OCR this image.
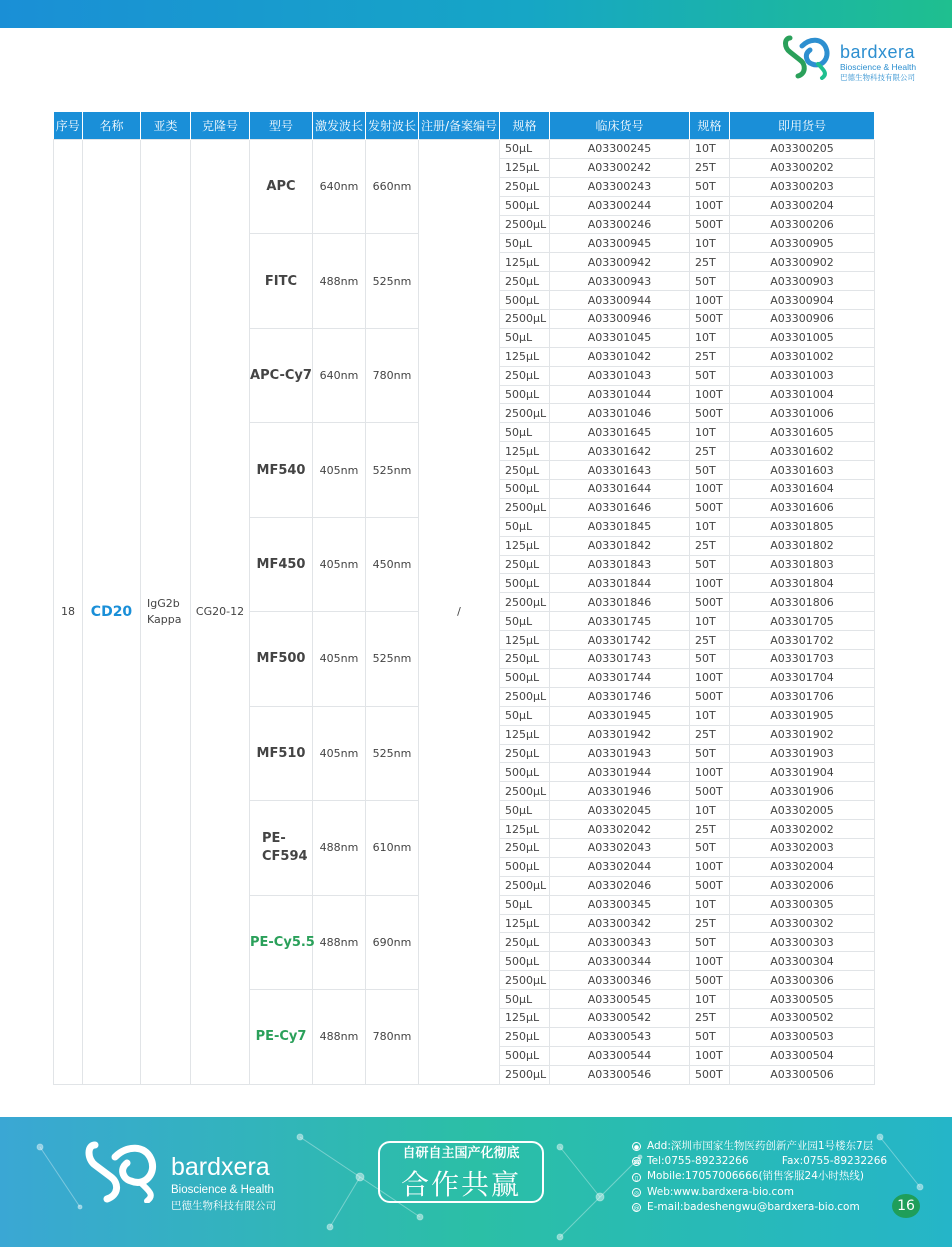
bardxera
Bioscience & Health
巴德生物科技有限公司
序号	名称	亚类	克隆号	型号	激发波长	发射波长	注册/备案编号	规格	临床货号	规格	即用货号
18	CD20	IgG2b Kappa	CG20-12	APC	640nm	660nm	/	50μL	A03300245	10T	A03300205
								125μL	A03300242	25T	A03300202
								250μL	A03300243	50T	A03300203
								500μL	A03300244	100T	A03300204
								2500μL	A03300246	500T	A03300206
				FITC	488nm	525nm		50μL	A03300945	10T	A03300905
								125μL	A03300942	25T	A03300902
								250μL	A03300943	50T	A03300903
								500μL	A03300944	100T	A03300904
								2500μL	A03300946	500T	A03300906
				APC-Cy7	640nm	780nm		50μL	A03301045	10T	A03301005
								125μL	A03301042	25T	A03301002
								250μL	A03301043	50T	A03301003
								500μL	A03301044	100T	A03301004
								2500μL	A03301046	500T	A03301006
				MF540	405nm	525nm		50μL	A03301645	10T	A03301605
								125μL	A03301642	25T	A03301602
								250μL	A03301643	50T	A03301603
								500μL	A03301644	100T	A03301604
								2500μL	A03301646	500T	A03301606
				MF450	405nm	450nm		50μL	A03301845	10T	A03301805
								125μL	A03301842	25T	A03301802
								250μL	A03301843	50T	A03301803
								500μL	A03301844	100T	A03301804
								2500μL	A03301846	500T	A03301806
				MF500	405nm	525nm		50μL	A03301745	10T	A03301705
								125μL	A03301742	25T	A03301702
								250μL	A03301743	50T	A03301703
								500μL	A03301744	100T	A03301704
								2500μL	A03301746	500T	A03301706
				MF510	405nm	525nm		50μL	A03301945	10T	A03301905
								125μL	A03301942	25T	A03301902
								250μL	A03301943	50T	A03301903
								500μL	A03301944	100T	A03301904
								2500μL	A03301946	500T	A03301906
				PE-CF594	488nm	610nm		50μL	A03302045	10T	A03302005
								125μL	A03302042	25T	A03302002
								250μL	A03302043	50T	A03302003
								500μL	A03302044	100T	A03302004
								2500μL	A03302046	500T	A03302006
				PE-Cy5.5	488nm	690nm		50μL	A03300345	10T	A03300305
								125μL	A03300342	25T	A03300302
								250μL	A03300343	50T	A03300303
								500μL	A03300344	100T	A03300304
								2500μL	A03300346	500T	A03300306
				PE-Cy7	488nm	780nm		50μL	A03300545	10T	A03300505
								125μL	A03300542	25T	A03300502
								250μL	A03300543	50T	A03300503
								500μL	A03300544	100T	A03300504
								2500μL	A03300546	500T	A03300506
bardxera
Bioscience & Health
巴德生物科技有限公司
自研自主国产化彻底
合作共赢
● Add:深圳市国家生物医药创新产业园1号楼东7层
☎ Tel:0755-89232266          Fax:0755-89232266
▯ Mobile:17057006666(销售客服24小时热线)
◎ Web:www.bardxera-bio.com
@ E-mail:badeshengwu@bardxera-bio.com	16
